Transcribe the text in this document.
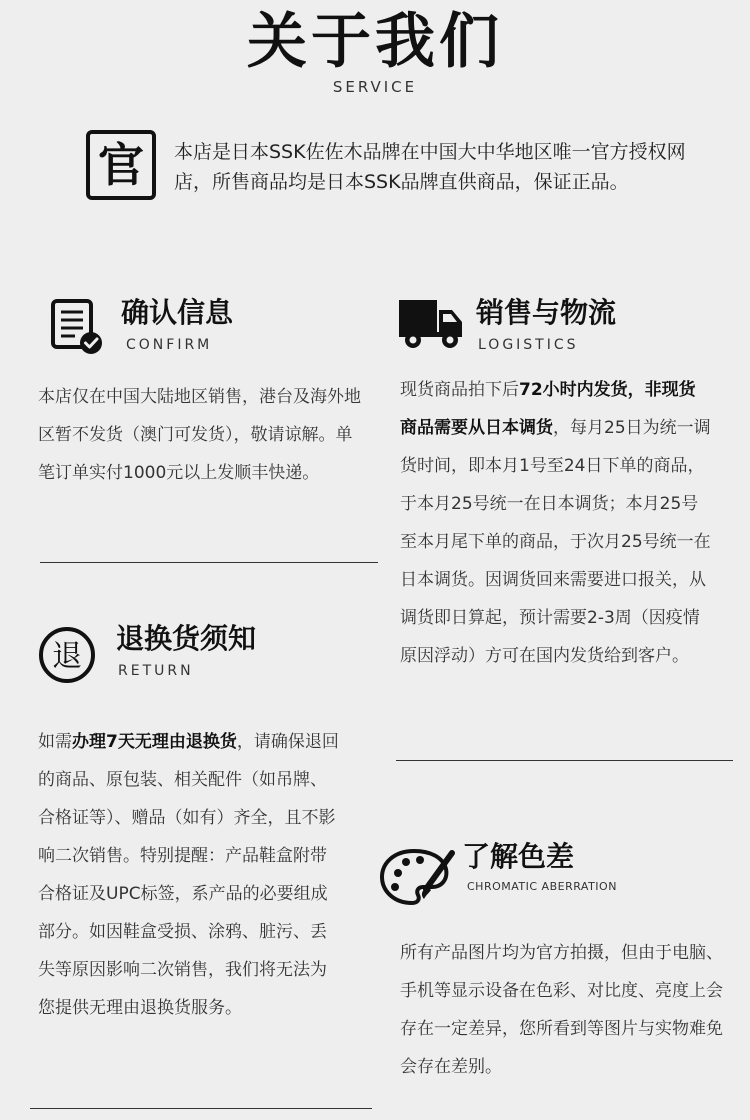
关于我们
SERVICE
官	本店是日本SSK佐佐木品牌在中国大中华地区唯一官方授权网店，所售商品均是日本SSK品牌直供商品，保证正品。
确认信息
CONFIRM
本店仅在中国大陆地区销售，港台及海外地区暂不发货（澳门可发货），敬请谅解。单笔订单实付1000元以上发顺丰快递。
销售与物流
LOGISTICS
现货商品拍下后72小时内发货，非现货商品需要从日本调货，每月25日为统一调货时间，即本月1号至24日下单的商品，于本月25号统一在日本调货；本月25号至本月尾下单的商品，于次月25号统一在日本调货。因调货回来需要进口报关，从调货即日算起，预计需要2-3周（因疫情原因浮动）方可在国内发货给到客户。
退
退换货须知
RETURN
如需办理7天无理由退换货，请确保退回的商品、原包装、相关配件（如吊牌、合格证等）、赠品（如有）齐全，且不影响二次销售。特别提醒：产品鞋盒附带合格证及UPC标签，系产品的必要组成部分。如因鞋盒受损、涂鸦、脏污、丢失等原因影响二次销售，我们将无法为您提供无理由退换货服务。
了解色差
CHROMATIC ABERRATION
所有产品图片均为官方拍摄，但由于电脑、手机等显示设备在色彩、对比度、亮度上会存在一定差异，您所看到等图片与实物难免会存在差别。
